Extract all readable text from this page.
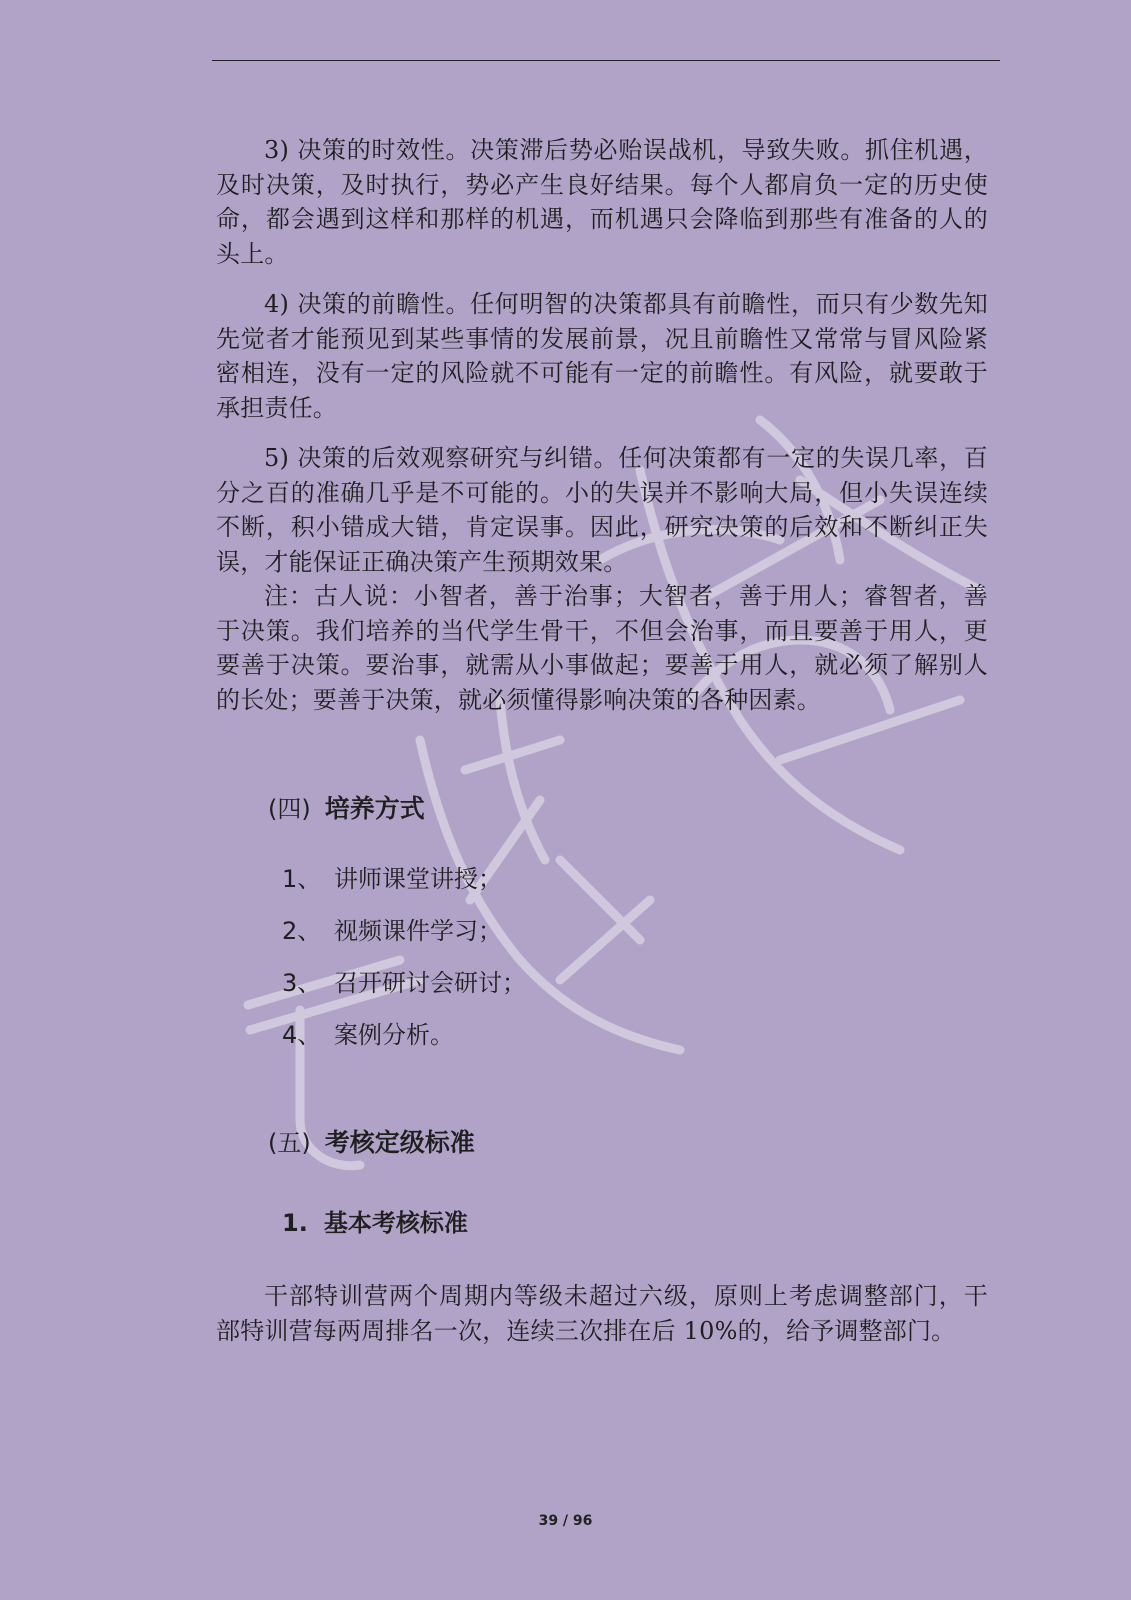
3) 决策的时效性。决策滞后势必贻误战机，导致失败。抓住机遇，及时决策，及时执行，势必产生良好结果。每个人都肩负一定的历史使命，都会遇到这样和那样的机遇，而机遇只会降临到那些有准备的人的头上。

4) 决策的前瞻性。任何明智的决策都具有前瞻性，而只有少数先知先觉者才能预见到某些事情的发展前景，况且前瞻性又常常与冒风险紧密相连，没有一定的风险就不可能有一定的前瞻性。有风险，就要敢于承担责任。

5) 决策的后效观察研究与纠错。任何决策都有一定的失误几率，百分之百的准确几乎是不可能的。小的失误并不影响大局，但小失误连续不断，积小错成大错，肯定误事。因此，研究决策的后效和不断纠正失误，才能保证正确决策产生预期效果。

注：古人说：小智者，善于治事；大智者，善于用人；睿智者，善于决策。我们培养的当代学生骨干，不但会治事，而且要善于用人，更要善于决策。要治事，就需从小事做起；要善于用人，就必须了解别人的长处；要善于决策，就必须懂得影响决策的各种因素。

(四) 培养方式
1、 讲师课堂讲授；
2、 视频课件学习；
3、 召开研讨会研讨；
4、 案例分析。
(五) 考核定级标准
1. 基本考核标准

干部特训营两个周期内等级未超过六级，原则上考虑调整部门，干部特训营每两周排名一次，连续三次排在后 10%的，给予调整部门。

39 / 96
